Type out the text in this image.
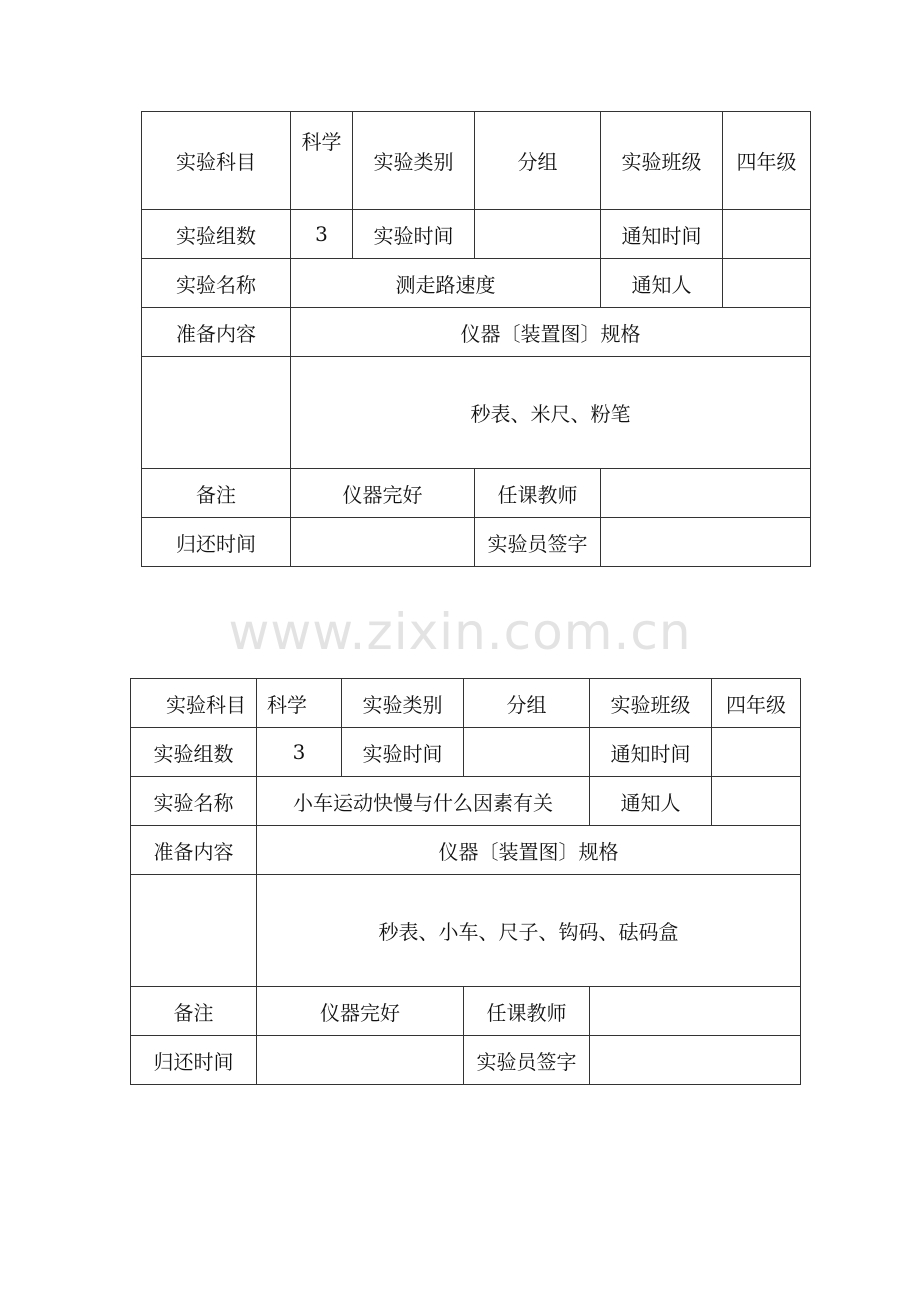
实验科目	科学	实验类别	分组	实验班级	四年级
实验组数	3	实验时间		通知时间	
实验名称	测走路速度			通知人	
准备内容	仪器〔装置图〕规格				
	秒表、米尺、粉笔				
备注	仪器完好		任课教师		
归还时间			实验员签字		
www.zixin.com.cn
实验科目	科学	实验类别	分组	实验班级	四年级
实验组数	3	实验时间		通知时间	
实验名称	小车运动快慢与什么因素有关			通知人	
准备内容	仪器〔装置图〕规格				
	秒表、小车、尺子、钩码、砝码盒				
备注	仪器完好		任课教师		
归还时间			实验员签字		
